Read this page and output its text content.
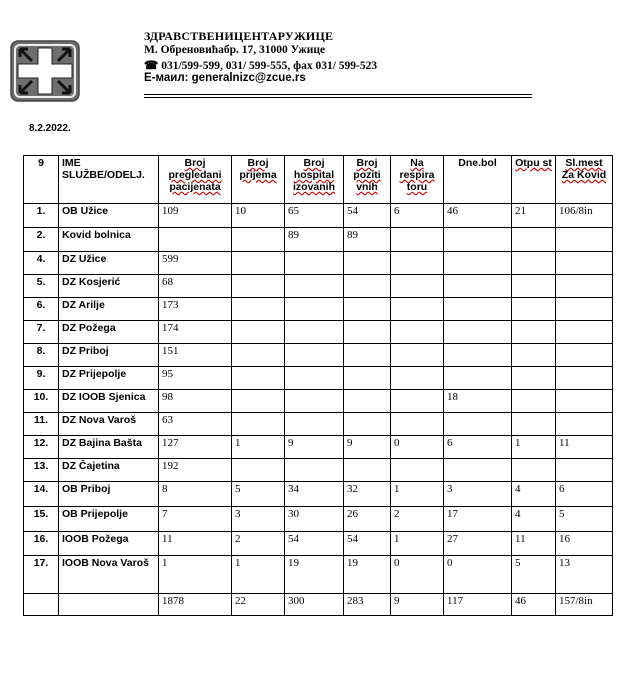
ЗДРАВСТВЕНИЦЕНТАРУЖИЦЕ
М. Обреновићабр. 17, 31000 Ужице
☎ 031/599-599, 031/ 599-555, фах 031/ 599-523
Е-маил: generalnizc@zcue.rs
8.2.2022.
9	IME SLUŽBE/ODELJ.	Broj pregledani pacijenata	Broj prijema	Broj hospital izovanih	Broj poziti vnih	Na respira toru	Dne.bol	Otpu st	Sl.mest Za Kovid
1.	OB Užice	109	10	65	54	6	46	21	106/8in
2.	Kovid bolnica			89	89				
4.	DZ Užice	599							
5.	DZ Kosjerić	68							
6.	DZ Arilje	173							
7.	DZ Požega	174							
8.	DZ Priboj	151							
9.	DZ Prijepolje	95							
10.	DZ IOOB Sjenica	98					18		
11.	DZ Nova Varoš	63							
12.	DZ Bajina Bašta	127	1	9	9	0	6	1	11
13.	DZ Čajetina	192							
14.	OB Priboj	8	5	34	32	1	3	4	6
15.	OB Prijepolje	7	3	30	26	2	17	4	5
16.	IOOB Požega	11	2	54	54	1	27	11	16
17.	IOOB Nova Varoš	1	1	19	19	0	0	5	13
		1878	22	300	283	9	117	46	157/8in
